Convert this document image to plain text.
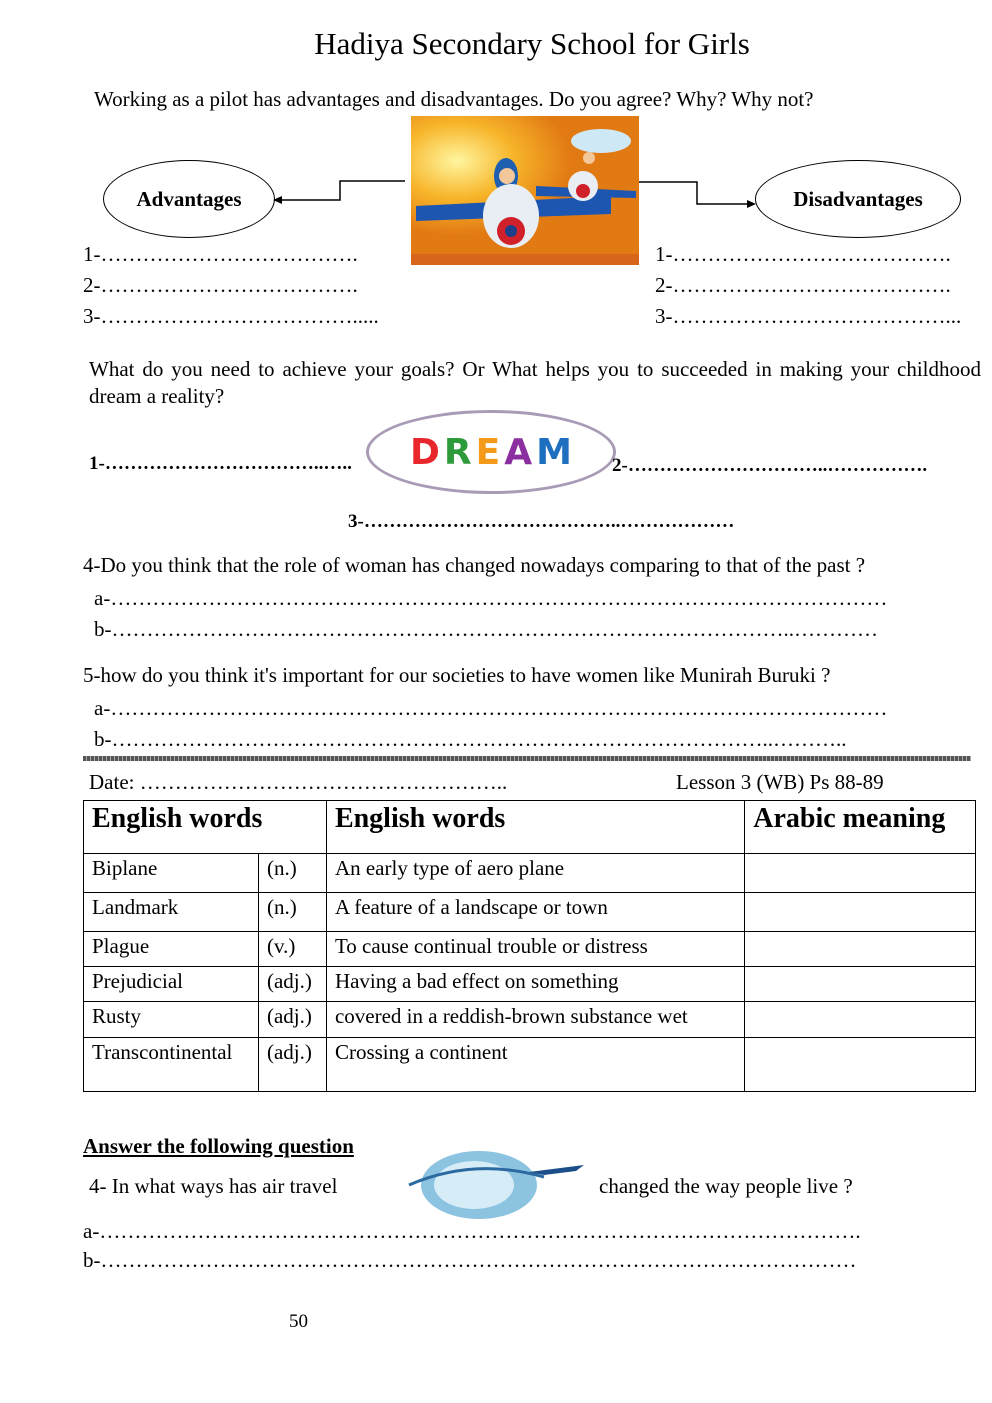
Hadiya Secondary School for Girls
Working as a pilot has advantages and disadvantages. Do you agree? Why? Why not?
Advantages	Disadvantages
1-……………………………….
2-……………………………….
3-……………………………….....
1-………………………………….
2-………………………………….
3-…………………………………...
What do you need to achieve your goals? Or What helps you to succeeded in making your childhood dream a reality?
D R E A M
1-……………………………..…..	2-…………………………..…………….
3-…………………………………..………………
4-Do you think that the role of woman has changed nowadays comparing to that of the past ?
a-…………………………………………………………………………………………………
b-……………………………………………………………………………………..…………
5-how do you think it's important for our societies to have women like Munirah Buruki ?
a-…………………………………………………………………………………………………
b-…………………………………………………………………………………..………..
Date: ……………………………………………..	Lesson 3 (WB) Ps 88-89
English words		English words	Arabic meaning
Biplane	(n.)	An early type of aero plane	
Landmark	(n.)	A feature of a landscape or town	
Plague	(v.)	To cause continual trouble or distress	
Prejudicial	(adj.)	Having a bad effect on something	
Rusty	(adj.)	covered in a reddish-brown substance wet	
Transcontinental	(adj.)	Crossing a continent	
Answer the following question
4- In what ways has air travel	changed the way people live ?
a-……………………………………………………………………………………………….
b-………………………………………………………………………………………………
50
